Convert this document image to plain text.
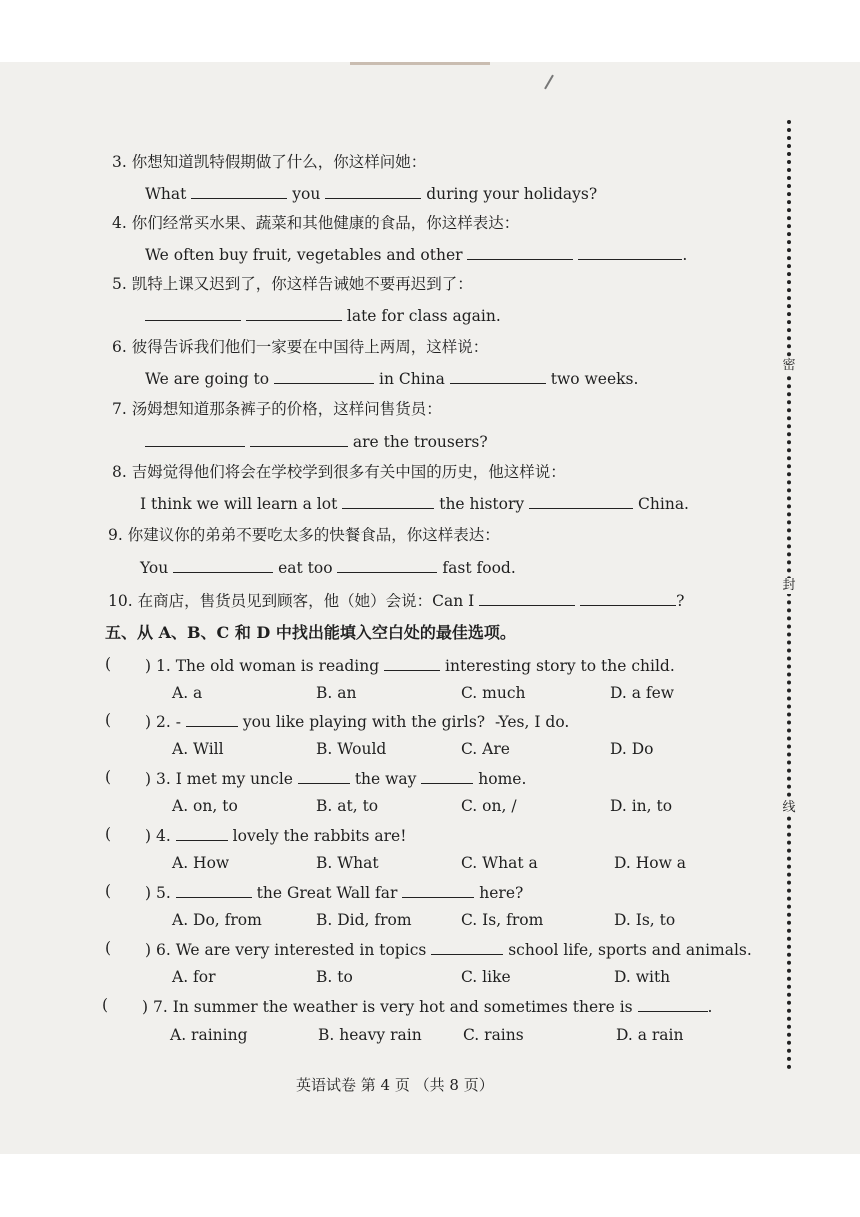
密
封
线
3. 你想知道凯特假期做了什么，你这样问她：
What	you	during your holidays?
4. 你们经常买水果、蔬菜和其他健康的食品，你这样表达：
We often buy fruit, vegetables and other	.
5. 凯特上课又迟到了，你这样告诫她不要再迟到了：
late for class again.
6. 彼得告诉我们他们一家要在中国待上两周，这样说：
We are going to	in China	two weeks.
7. 汤姆想知道那条裤子的价格，这样问售货员：
are the trousers?
8. 吉姆觉得他们将会在学校学到很多有关中国的历史，他这样说：
I think we will learn a lot	the history	China.
9. 你建议你的弟弟不要吃太多的快餐食品，你这样表达：
You	eat too	fast food.
10. 在商店，售货员见到顾客，他（她）会说：Can I	?
五、从 A、B、C 和 D 中找出能填入空白处的最佳选项。
( ) 1. The old woman is reading	interesting story to the child.
A. a	B. an	C. much	D. a few
( ) 2. -	you like playing with the girls? -Yes, I do.
A. Will	B. Would	C. Are	D. Do
( ) 3. I met my uncle	the way	home.
A. on, to	B. at, to	C. on, /	D. in, to
( ) 4.	lovely the rabbits are!
A. How	B. What	C. What a	D. How a
( ) 5.	the Great Wall far	here?
A. Do, from	B. Did, from	C. Is, from	D. Is, to
( ) 6. We are very interested in topics	school life, sports and animals.
A. for	B. to	C. like	D. with
( ) 7. In summer the weather is very hot and sometimes there is	.
A. raining	B. heavy rain	C. rains	D. a rain
英语试卷 第 4 页 （共 8 页）
